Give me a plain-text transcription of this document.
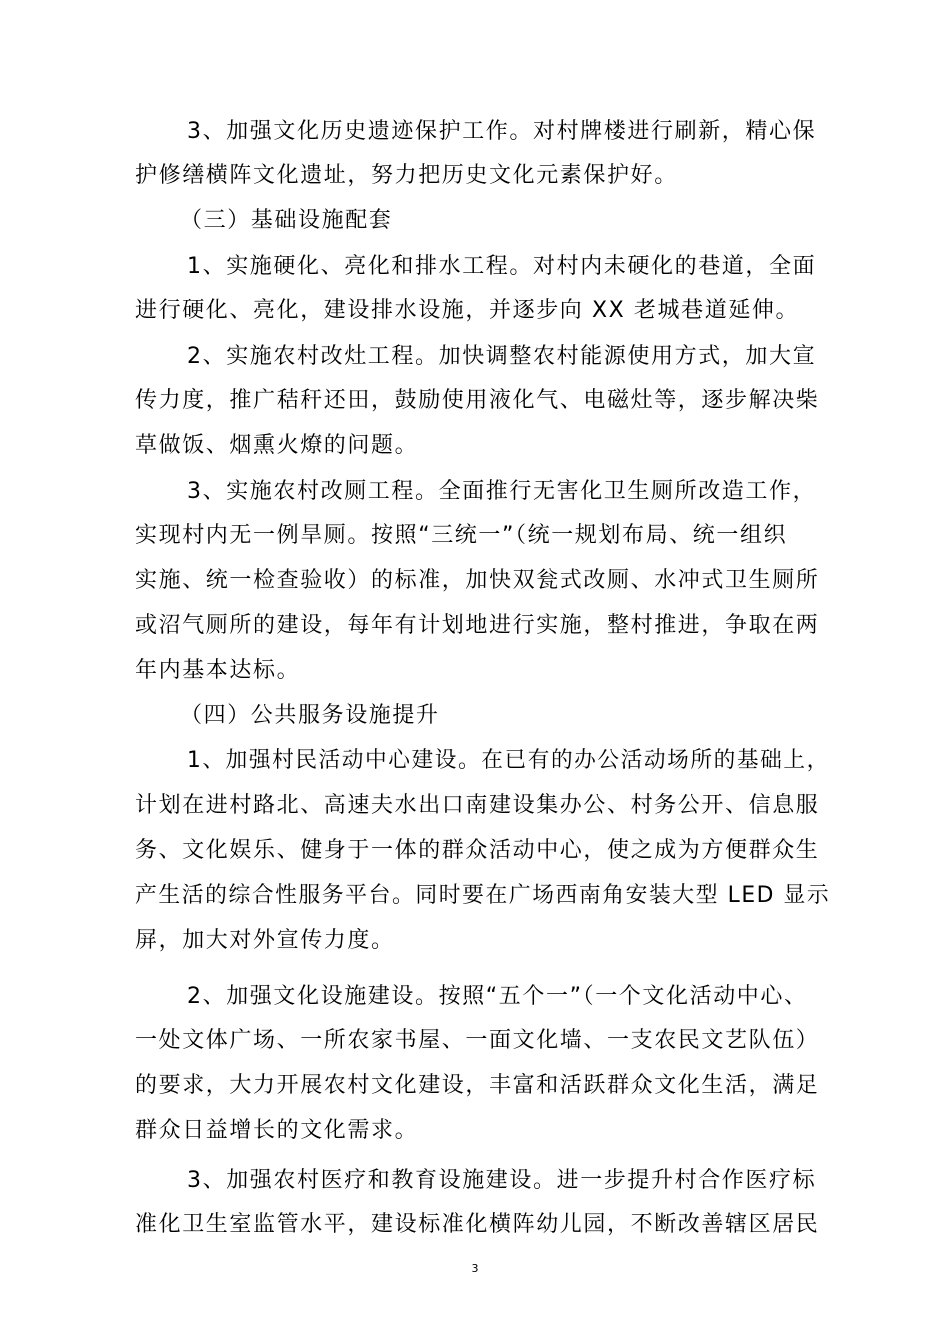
3、加强文化历史遗迹保护工作。对村牌楼进行刷新，精心保
护修缮横阵文化遗址，努力把历史文化元素保护好。
（三）基础设施配套
1、实施硬化、亮化和排水工程。对村内未硬化的巷道，全面
进行硬化、亮化，建设排水设施，并逐步向 XX 老城巷道延伸。
2、实施农村改灶工程。加快调整农村能源使用方式，加大宣
传力度，推广秸秆还田，鼓励使用液化气、电磁灶等，逐步解决柴
草做饭、烟熏火燎的问题。
3、实施农村改厕工程。全面推行无害化卫生厕所改造工作，
实现村内无一例旱厕。按照“三统一”（统一规划布局、统一组织
实施、统一检查验收）的标准，加快双瓮式改厕、水冲式卫生厕所
或沼气厕所的建设，每年有计划地进行实施，整村推进，争取在两
年内基本达标。
（四）公共服务设施提升
1、加强村民活动中心建设。在已有的办公活动场所的基础上，
计划在进村路北、高速夫水出口南建设集办公、村务公开、信息服
务、文化娱乐、健身于一体的群众活动中心，使之成为方便群众生
产生活的综合性服务平台。同时要在广场西南角安装大型 LED 显示
屏，加大对外宣传力度。
2、加强文化设施建设。按照“五个一”（一个文化活动中心、
一处文体广场、一所农家书屋、一面文化墙、一支农民文艺队伍）
的要求，大力开展农村文化建设，丰富和活跃群众文化生活，满足
群众日益增长的文化需求。
3、加强农村医疗和教育设施建设。进一步提升村合作医疗标
准化卫生室监管水平，建设标准化横阵幼儿园，不断改善辖区居民
3
